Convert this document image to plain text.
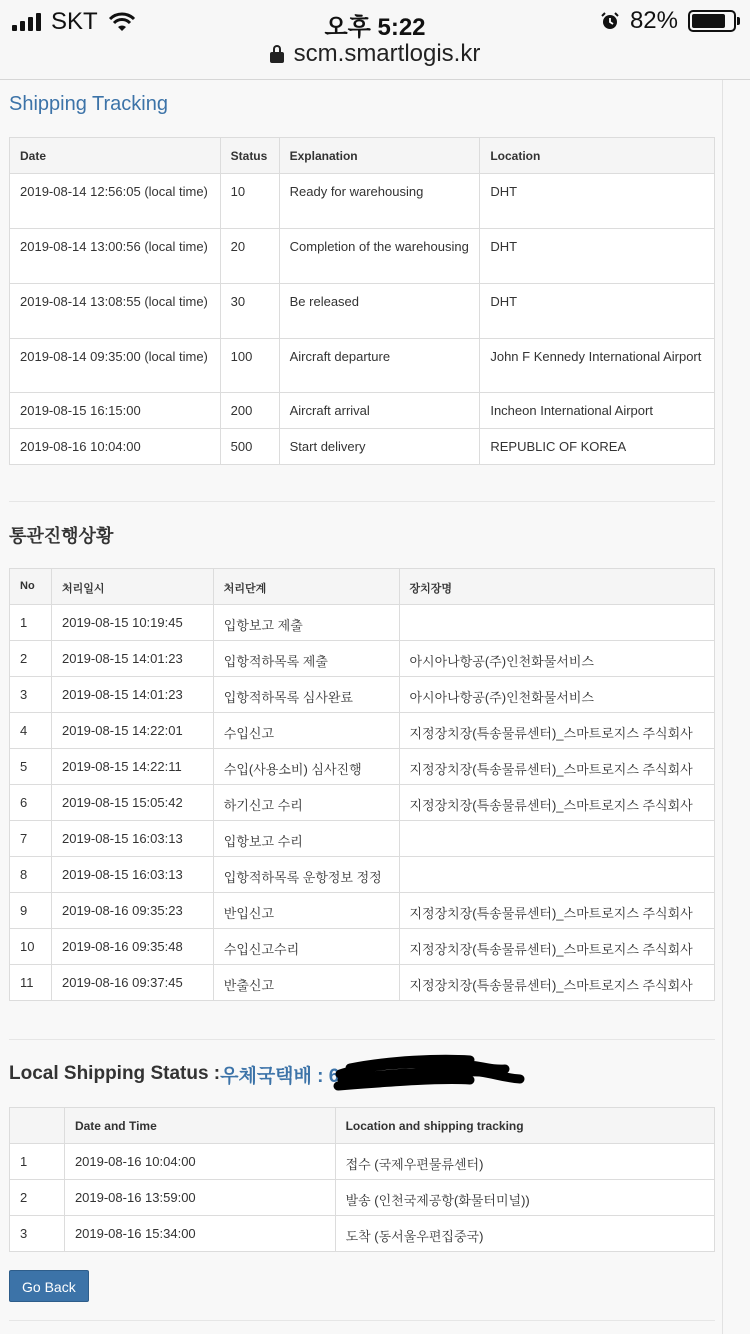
SKT	오후 5:22	82%
scm.smartlogis.kr
Shipping Tracking
Date	Status	Explanation	Location
2019-08-14 12:56:05 (local time)	10	Ready for warehousing	DHT
2019-08-14 13:00:56 (local time)	20	Completion of the warehousing	DHT
2019-08-14 13:08:55 (local time)	30	Be released	DHT
2019-08-14 09:35:00 (local time)	100	Aircraft departure	John F Kennedy International Airport
2019-08-15 16:15:00	200	Aircraft arrival	Incheon International Airport
2019-08-16 10:04:00	500	Start delivery	REPUBLIC OF KOREA
통관진행상황
No	처리일시	처리단계	장치장명
1	2019-08-15 10:19:45	입항보고 제출	
2	2019-08-15 14:01:23	입항적하목록 제출	아시아나항공(주)인천화물서비스
3	2019-08-15 14:01:23	입항적하목록 심사완료	아시아나항공(주)인천화물서비스
4	2019-08-15 14:22:01	수입신고	지정장치장(특송물류센터)_스마트로지스 주식회사
5	2019-08-15 14:22:11	수입(사용소비) 심사진행	지정장치장(특송물류센터)_스마트로지스 주식회사
6	2019-08-15 15:05:42	하기신고 수리	지정장치장(특송물류센터)_스마트로지스 주식회사
7	2019-08-15 16:03:13	입항보고 수리	
8	2019-08-15 16:03:13	입항적하목록 운항정보 정정	
9	2019-08-16 09:35:23	반입신고	지정장치장(특송물류센터)_스마트로지스 주식회사
10	2019-08-16 09:35:48	수입신고수리	지정장치장(특송물류센터)_스마트로지스 주식회사
11	2019-08-16 09:37:45	반출신고	지정장치장(특송물류센터)_스마트로지스 주식회사
Local Shipping Status : 우체국택배 : 60
	Date and Time	Location and shipping tracking
1	2019-08-16 10:04:00	접수 (국제우편물류센터)
2	2019-08-16 13:59:00	발송 (인천국제공항(화물터미널))
3	2019-08-16 15:34:00	도착 (동서울우편집중국)
Go Back
